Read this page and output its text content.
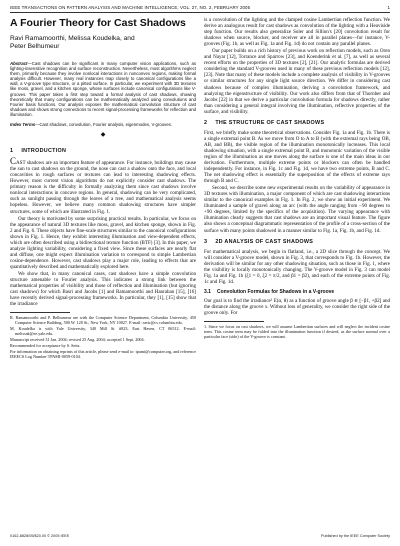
IEEE TRANSACTIONS ON PATTERN ANALYSIS AND MACHINE INTELLIGENCE, VOL. 27, NO. 2, FEBRUARY 2005	1
A Fourier Theory for Cast Shadows
Ravi Ramamoorthi, Melissa Koudelka, and
Peter Belhumeur

Abstract—Cast shadows can be significant in many computer vision applications, such as lighting-insensitive recognition and surface reconstruction. Nevertheless, most algorithms neglect them, primarily because they involve nonlocal interactions in nonconvex regions, making formal analysis difficult. However, many real instances map closely to canonical configurations like a wall, a V-groove type structure, or a pitted surface. In particular, we experiment with 3D textures like moss, gravel, and a kitchen sponge, whose surfaces include canonical configurations like V-grooves. This paper takes a first step toward a formal analysis of cast shadows, showing theoretically that many configurations can be mathematically analyzed using convolutions and Fourier basis functions. Our analysis exposes the mathematical convolution structure of cast shadows and shows strong connections to recent signal-processing frameworks for reflection and illumination.

Index Terms—Cast shadows, convolution, Fourier analysis, eigenmodes, V-grooves.

◆
1 INTRODUCTION

CAST shadows are an important feature of appearance. For instance, buildings may cause the sun to cast shadows on the ground, the nose can cast a shadow onto the face, and local concavities in rough surfaces or textures can lead to interesting shadowing effects. However, most current vision algorithms do not explicitly consider cast shadows. The primary reason is the difficulty in formally analyzing them since cast shadows involve nonlocal interactions in concave regions. In general, shadowing can be very complicated, such as sunlight passing through the leaves of a tree, and mathematical analysis seems hopeless. However, we believe many common shadowing structures have simpler structures, some of which are illustrated in Fig. 1.

Our theory is motivated by some surprising practical results. In particular, we focus on the appearance of natural 3D textures like moss, gravel, and kitchen sponge, shown in Fig. 2 and Fig. 6. These objects have fine-scale structures similar to the canonical configurations shown in Fig. 1. Hence, they exhibit interesting illumination and view-dependent effects, which are often described using a bidirectional texture function (BTF) [3]. In this paper, we analyze lighting variability, considering a fixed view. Since these surfaces are nearly flat and diffuse, one might expect illumination variation to correspond to simple Lambertian cosine-dependence. However, cast shadows play a major role, leading to effects that are quantitatively described and mathematically explored here.

We show that, in many canonical cases, cast shadows have a simple convolution structure amenable to Fourier analysis. This indicates a strong link between the mathematical properties of visibility and those of reflection and illumination (but ignoring cast shadows) for which Basri and Jacobs [1] and Ramamoorthi and Hanrahan [15], [16] have recently derived signal-processing frameworks. In particular, they [1], [15] show that the irradiance

R. Ramamoorthi and P. Belhumeur are with the Computer Science Department, Columbia University, 450 Computer Science Building, 500 W. 120 St., New York, NY 10027. E-mail: ravir@cs.columbia.edu.

M. Koudelka is with Yale University, 340 Mill St. #823, East Haven, CT 06512. E-mail: melissak@ee.yale.edu.

Manuscript received 31 Jan. 2004; revised 25 Aug. 2004; accepted 1 Sept. 2004.

Recommended for acceptance by S. Seitz.

For information on obtaining reprints of this article, please send e-mail to: tpami@computer.org, and reference IEEECS Log Number TPAMI-0059-0104.

is a convolution of the lighting and the clamped cosine Lambertian reflection function. We derive an analogous result for cast shadows as convolution of the lighting with a Heaviside step function. Our results also generalize Soler and Sillion's [20] convolution result for shadows when source, blocker, and receiver are all in parallel planes—for instance, V-grooves (Fig. 1b, as well as Fig. 1a and Fig. 1d) do not contain any parallel planes.

Our paper builds on a rich history of previous work on reflection models, such as Oren and Nayar [12], Torrance and Sparrow [23], and Koenderink et al. [7], as well as several recent efforts on the properties of 3D textures [2], [21]. Our analytic formulas are derived considering the standard V-grooves used in many of these previous reflection models [12], [23]. Note that many of these models include a complete analysis of visibility in V-grooves or similar structures for any single light source direction. We differ in considering cast shadows because of complex illumination, deriving a convolution framework, and analyzing the eigenstructure of visibility. Our work also differs from that of Thornber and Jacobs [22] in that we derive a particular convolution formula for shadows directly, rather than considering a general integral involving the illumination, reflective properties of the surface, and visibility.

2 THE STRUCTURE OF CAST SHADOWS

First, we briefly make some theoretical observations. Consider Fig. 1a and Fig. 1b. There is a single extremal point B. As we move from O to A to B (with the extremal rays being OB, AB, and BB), the visible region of the illumination monotonically increases. This local shadowing situation, with a single extremal point B, and monotonic variation of the visible region of the illumination as one moves along the surface is one of the main ideas in our derivation. Furthermore, multiple extreme points or blockers can often be handled independently. For instance, in Fig. 1c and Fig. 1d, we have two extreme points, B and C. The net shadowing effect is essentially the superposition of the effects of extreme rays through B and C.

Second, we describe some new experimental results on the variability of appearance in 3D textures with illumination, a major component of which are cast shadowing interactions similar to the canonical examples in Fig. 1. In Fig. 2, we show an initial experiment. We illuminated a sample of gravel along an arc (with the angle ranging from −90 degrees to +90 degrees, limited by the specifics of the acquisition). The varying appearance with illumination clearly suggests that cast shadows are an important visual feature. The figure also shows a conceptual diagrammatic representation of the profile of a cross-section of the surface with many points shadowed in a manner similar to Fig. 1a, Fig. 1b, and Fig. 1d.

3 2D ANALYSIS OF CAST SHADOWS

For mathematical analysis, we begin in flatland, i.e., a 2D slice through the concept. We will consider a V-groove model, shown in Fig. 3, that corresponds to Fig. 1b. However, the derivation will be similar for any other shadowing situation, such as those in Fig. 1, where the visibility is locally monotonically changing. The V-groove model in Fig. 3 can model Fig. 1a and Fig. 1b (ξ1 = 0, ξ2 = π/2, and β1 = β2), and each of the extreme points of Fig. 1c and Fig. 1d.

3.1 Convolution Formulas for Shadows in a V-groove

Our goal is to find the irradiance¹ E(α, θ) as a function of groove angle β ∈ [−β1, +β2] and the distance along the groove x. Without loss of generality, we consider the right side of the groove only. For

1. Since we focus on cast shadows, we will assume Lambertian surfaces and will neglect the incident cosine term. This cosine term may be folded into the illumination function if desired, as the surface normal over a particular face (side) of the V-groove is constant.

0162-8828/05/$20.00 © 2005 IEEE	Published by the IEEE Computer Society
